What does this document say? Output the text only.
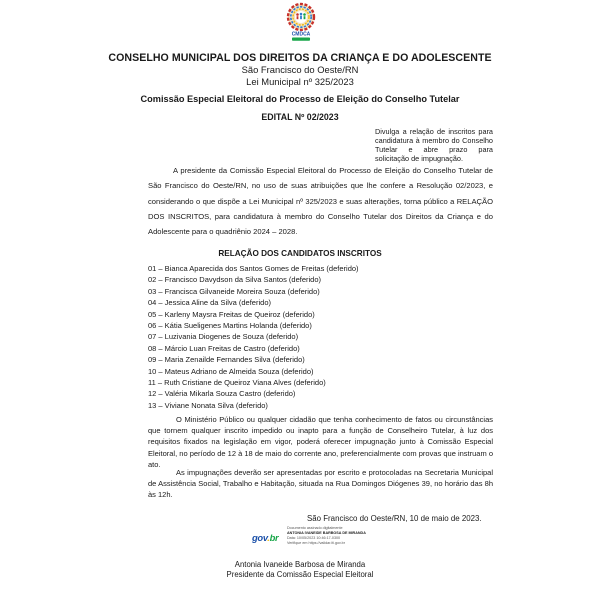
CMDCA
CONSELHO MUNICIPAL DOS DIREITOS DA CRIANÇA E DO ADOLESCENTE
São Francisco do Oeste/RN
Lei Municipal nº 325/2023
Comissão Especial Eleitoral do Processo de Eleição do Conselho Tutelar
EDITAL Nº 02/2023
Divulga a relação de inscritos para candidatura à membro do Conselho Tutelar e abre prazo para solicitação de impugnação.

A presidente da Comissão Especial Eleitoral do Processo de Eleição do Conselho Tutelar de São Francisco do Oeste/RN, no uso de suas atribuições que lhe confere a Resolução 02/2023, e considerando o que dispõe a Lei Municipal nº 325/2023 e suas alterações, torna público a RELAÇÃO DOS INSCRITOS, para candidatura à membro do Conselho Tutelar dos Direitos da Criança e do Adolescente para o quadriênio 2024 – 2028.

RELAÇÃO DOS CANDIDATOS INSCRITOS
01 – Bianca Aparecida dos Santos Gomes de Freitas (deferido)
02 – Francisco Davydson da Silva Santos (deferido)
03 – Francisca Gilvaneide Moreira Souza (deferido)
04 – Jessica Aline da Silva (deferido)
05 – Karleny Maysra Freitas de Queiroz (deferido)
06 – Kátia Sueligenes Martins Holanda (deferido)
07 – Luzivania Diogenes de Souza (deferido)
08 – Márcio Luan Freitas de Castro (deferido)
09 – Maria Zenailde Fernandes Silva (deferido)
10 – Mateus Adriano de Almeida Souza (deferido)
11 – Ruth Cristiane de Queiroz Viana Alves (deferido)
12 – Valéria Mikarla Souza Castro (deferido)
13 – Viviane Nonata Silva (deferido)

O Ministério Público ou qualquer cidadão que tenha conhecimento de fatos ou circunstâncias que tornem qualquer inscrito impedido ou inapto para a função de Conselheiro Tutelar, à luz dos requisitos fixados na legislação em vigor, poderá oferecer impugnação junto à Comissão Especial Eleitoral, no período de 12 à 18 de maio do corrente ano, preferencialmente com provas que instruam o ato.

As impugnações deverão ser apresentadas por escrito e protocoladas na Secretaria Municipal de Assistência Social, Trabalho e Habitação, situada na Rua Domingos Diógenes 39, no horário das 8h às 12h.

São Francisco do Oeste/RN, 10 de maio de 2023.
gov.br
Documento assinado digitalmente
ANTONIA IVANEIDE BARBOSA DE MIRANDA
Data: 10/05/2023 10:46:17-0300
Verifique em https://validar.iti.gov.br
Antonia Ivaneide Barbosa de Miranda
Presidente da Comissão Especial Eleitoral
